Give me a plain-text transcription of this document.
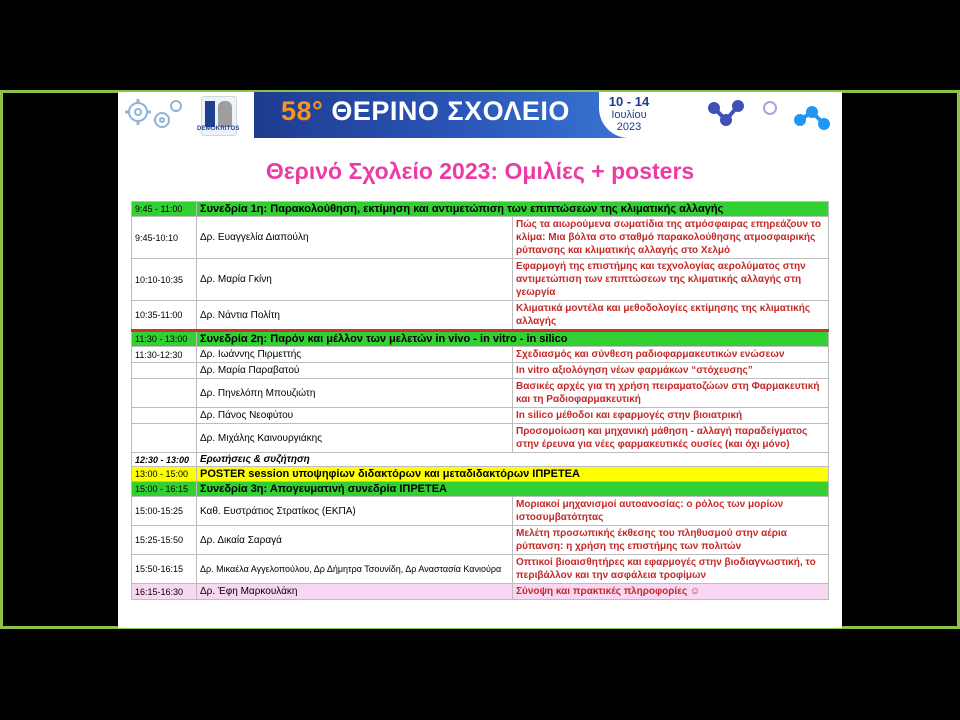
DEMOKRITOS
58° ΘΕΡΙΝΟ ΣΧΟΛΕΙΟ	10 - 14
Ιουλίου
2023
Θερινό Σχολείο 2023: Ομιλίες + posters
9:45 - 11:00	Συνεδρία 1η: Παρακολούθηση, εκτίμηση και αντιμετώπιση των επιπτώσεων της κλιματικής αλλαγής	
9:45-10:10	Δρ. Ευαγγελία Διαπούλη	Πώς τα αιωρούμενα σωματίδια της ατμόσφαιρας επηρεάζουν το κλίμα: Μια βόλτα στο σταθμό παρακολούθησης ατμοσφαιρικής ρύπανσης και κλιματικής αλλαγής στο Χελμό
10:10-10:35	Δρ. Μαρία Γκίνη	Εφαρμογή της επιστήμης και τεχνολογίας αερολύματος στην αντιμετώπιση των επιπτώσεων της κλιματικής αλλαγής στη γεωργία
10:35-11:00	Δρ. Νάντια Πολίτη	Κλιματικά μοντέλα και μεθοδολογίες εκτίμησης της κλιματικής αλλαγής
11:30 - 13:00	Συνεδρία 2η: Παρόν και μέλλον των μελετών in vivo - in vitro - in silico	
11:30-12:30	Δρ. Ιωάννης Πιρμεττής	Σχεδιασμός και σύνθεση ραδιοφαρμακευτικών ενώσεων
	Δρ. Μαρία Παραβατού	In vitro αξιολόγηση νέων φαρμάκων “στόχευσης”
	Δρ. Πηνελόπη Μπουζιώτη	Βασικές αρχές για τη χρήση πειραματοζώων στη Φαρμακευτική και τη Ραδιοφαρμακευτική
	Δρ. Πάνος Νεοφύτου	In silico μέθοδοι και εφαρμογές στην βιοιατρική
	Δρ. Μιχάλης Καινουργιάκης	Προσομοίωση και μηχανική μάθηση - αλλαγή παραδείγματος στην έρευνα για νέες φαρμακευτικές ουσίες (και όχι μόνο)
12:30 - 13:00	Ερωτήσεις & συζήτηση	
13:00 - 15:00	POSTER session υποψηφίων διδακτόρων και μεταδιδακτόρων ΙΠΡΕΤΕΑ	
15:00 - 16:15	Συνεδρία 3η: Απογευματινή συνεδρία ΙΠΡΕΤΕΑ	
15:00-15:25	Καθ. Ευστράτιος Στρατίκος (ΕΚΠΑ)	Μοριακοί μηχανισμοί αυτοανοσίας: ο ρόλος των μορίων ιστοσυμβατότητας
15:25-15:50	Δρ. Δικαία Σαραγά	Μελέτη προσωπικής έκθεσης του πληθυσμού στην αέρια ρύπανση: η χρήση της επιστήμης των πολιτών
15:50-16:15	Δρ. Μικαέλα Αγγελοπούλου, Δρ Δήμητρα Τσουνίδη, Δρ Αναστασία Κανιούρα	Οπτικοί βιοαισθητήρες και εφαρμογές στην βιοδιαγνωστική, το περιβάλλον και την ασφάλεια τροφίμων
16:15-16:30	Δρ. Έφη Μαρκουλάκη	Σύνοψη και πρακτικές πληροφορίες ☺
